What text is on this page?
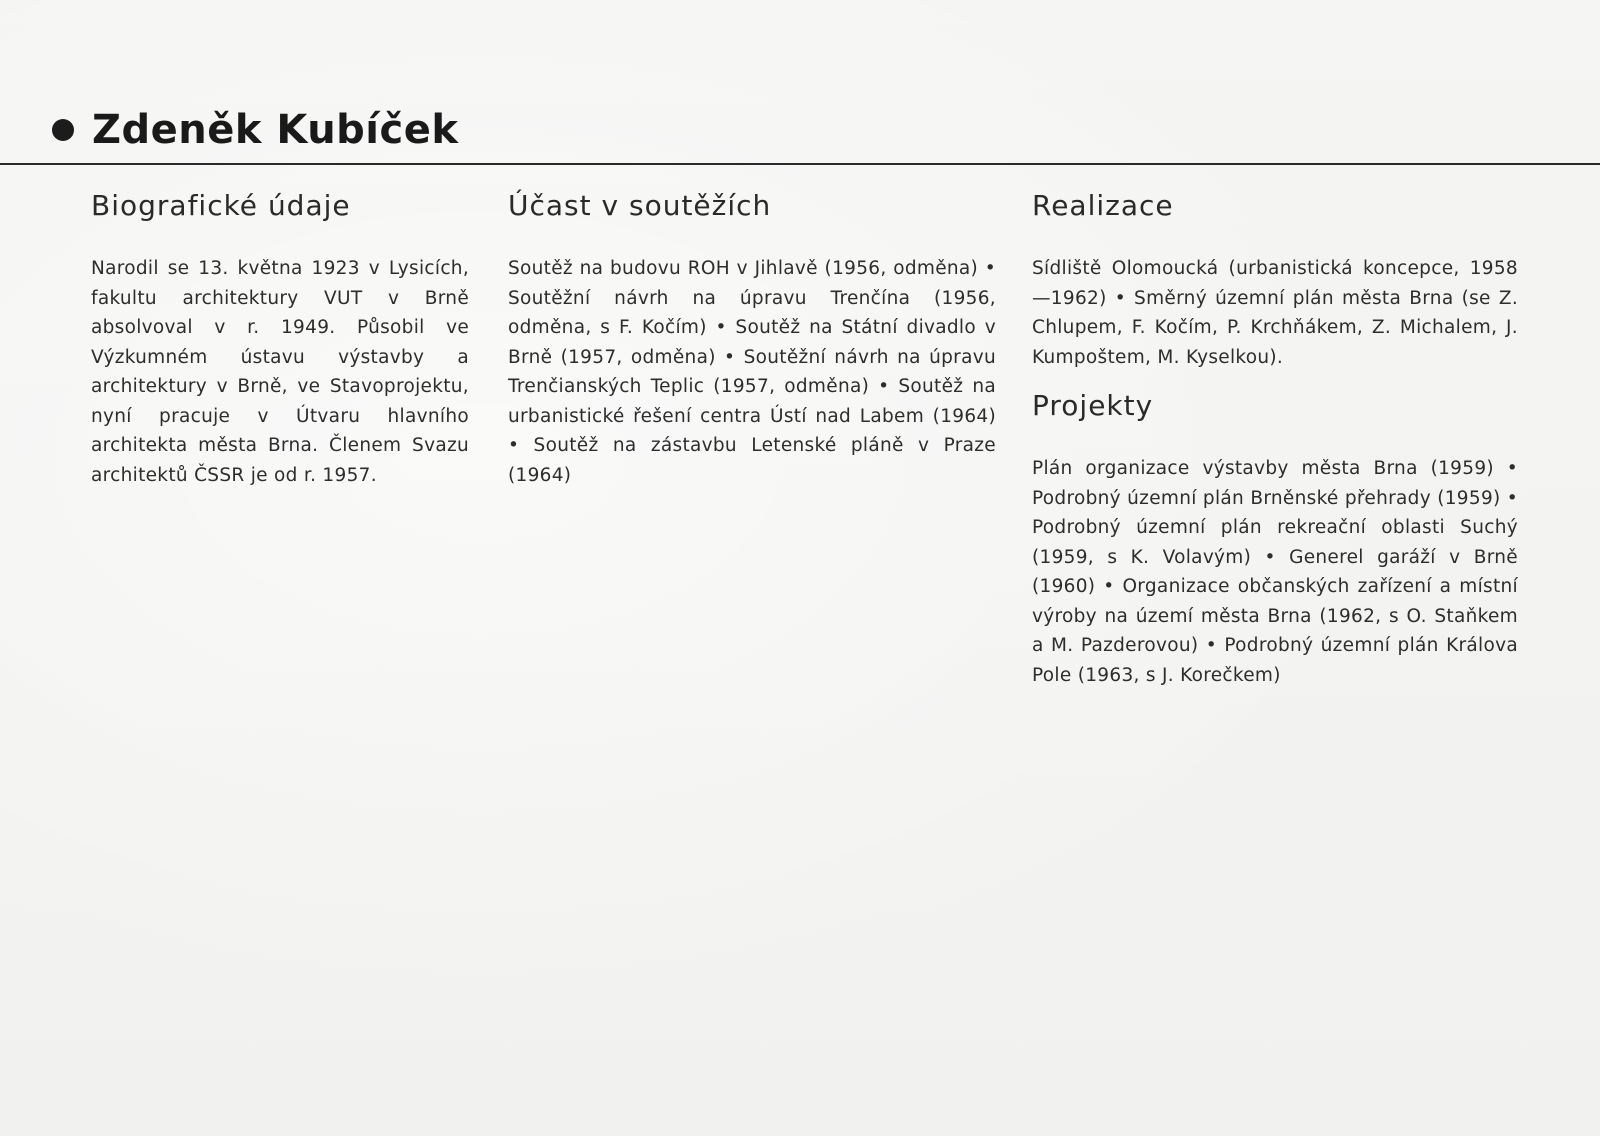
Zdeněk Kubíček
Biografické údaje

Narodil se 13. května 1923 v Lysicích, fakultu architektury VUT v Brně absolvoval v r. 1949. Působil ve Výzkumném ústavu výstavby a architektury v Brně, ve Stavoprojektu, nyní pracuje v Útvaru hlavního architekta města Brna. Členem Svazu architektů ČSSR je od r. 1957.

Účast v soutěžích

Soutěž na budovu ROH v Jihlavě (1956, odměna) • Soutěžní návrh na úpravu Trenčína (1956, odměna, s F. Kočím) • Soutěž na Státní divadlo v Brně (1957, odměna) • Soutěžní návrh na úpravu Trenčianských Teplic (1957, odměna) • Soutěž na urbanistické řešení centra Ústí nad Labem (1964) • Soutěž na zástavbu Letenské pláně v Praze (1964)

Realizace

Sídliště Olomoucká (urbanistická koncepce, 1958—1962) • Směrný územní plán města Brna (se Z. Chlupem, F. Kočím, P. Krchňákem, Z. Michalem, J. Kumpoštem, M. Kyselkou).

Projekty

Plán organizace výstavby města Brna (1959) • Podrobný územní plán Brněnské přehrady (1959) • Podrobný územní plán rekreační oblasti Suchý (1959, s K. Volavým) • Generel garáží v Brně (1960) • Organizace občanských zařízení a místní výroby na území města Brna (1962, s O. Staňkem a M. Pazderovou) • Podrobný územní plán Králova Pole (1963, s J. Korečkem)
